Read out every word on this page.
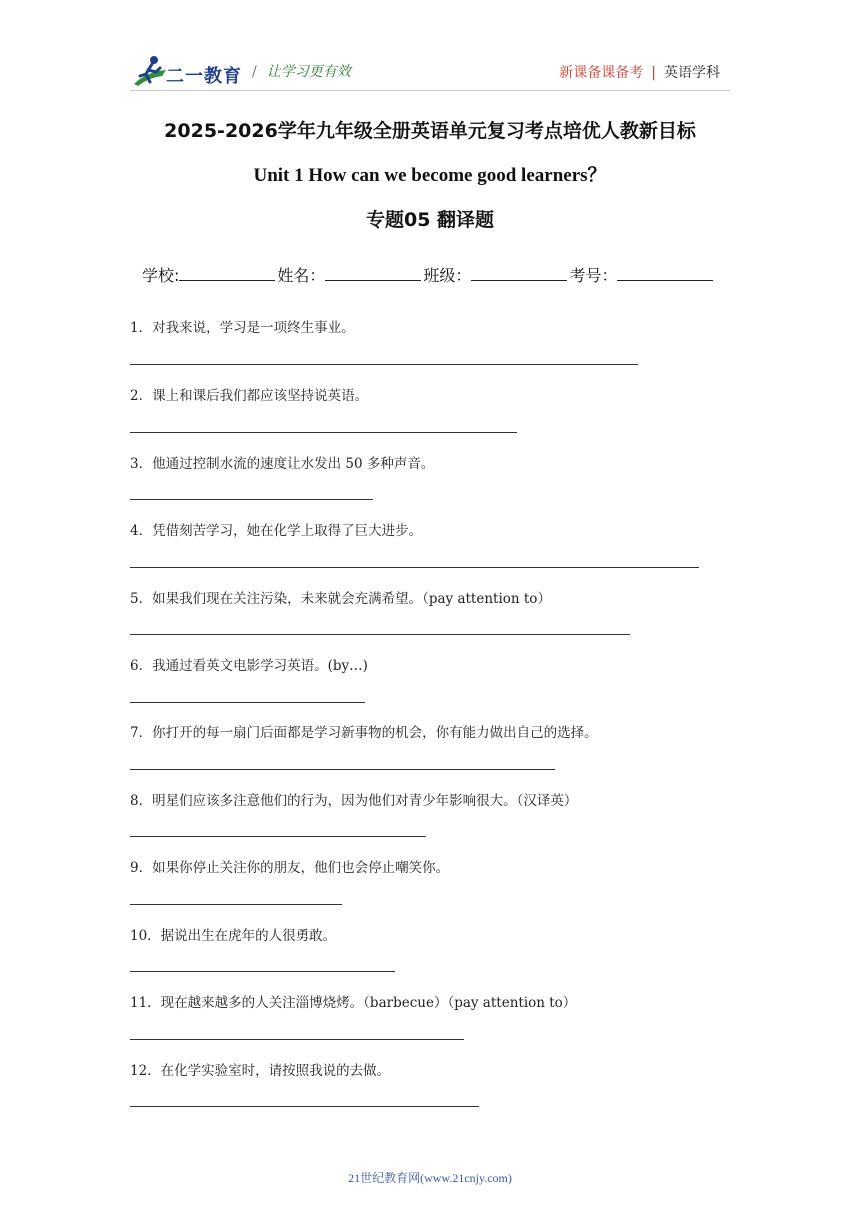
二一教育 / 让学习更有效	新课备课备考 | 英语学科
2025-2026学年九年级全册英语单元复习考点培优人教新目标
Unit 1 How can we become good learners？
专题05 翻译题
学校:	姓名：	班级：	考号：
1．对我来说，学习是一项终生事业。
2．课上和课后我们都应该坚持说英语。
3．他通过控制水流的速度让水发出 50 多种声音。
4．凭借刻苦学习，她在化学上取得了巨大进步。
5．如果我们现在关注污染，未来就会充满希望。（pay attention to）
6．我通过看英文电影学习英语。(by…)
7．你打开的每一扇门后面都是学习新事物的机会，你有能力做出自己的选择。
8．明星们应该多注意他们的行为，因为他们对青少年影响很大。（汉译英）
9．如果你停止关注你的朋友，他们也会停止嘲笑你。
10．据说出生在虎年的人很勇敢。
11．现在越来越多的人关注淄博烧烤。（barbecue）（pay attention to）
12．在化学实验室时，请按照我说的去做。
21世纪教育网(www.21cnjy.com)
